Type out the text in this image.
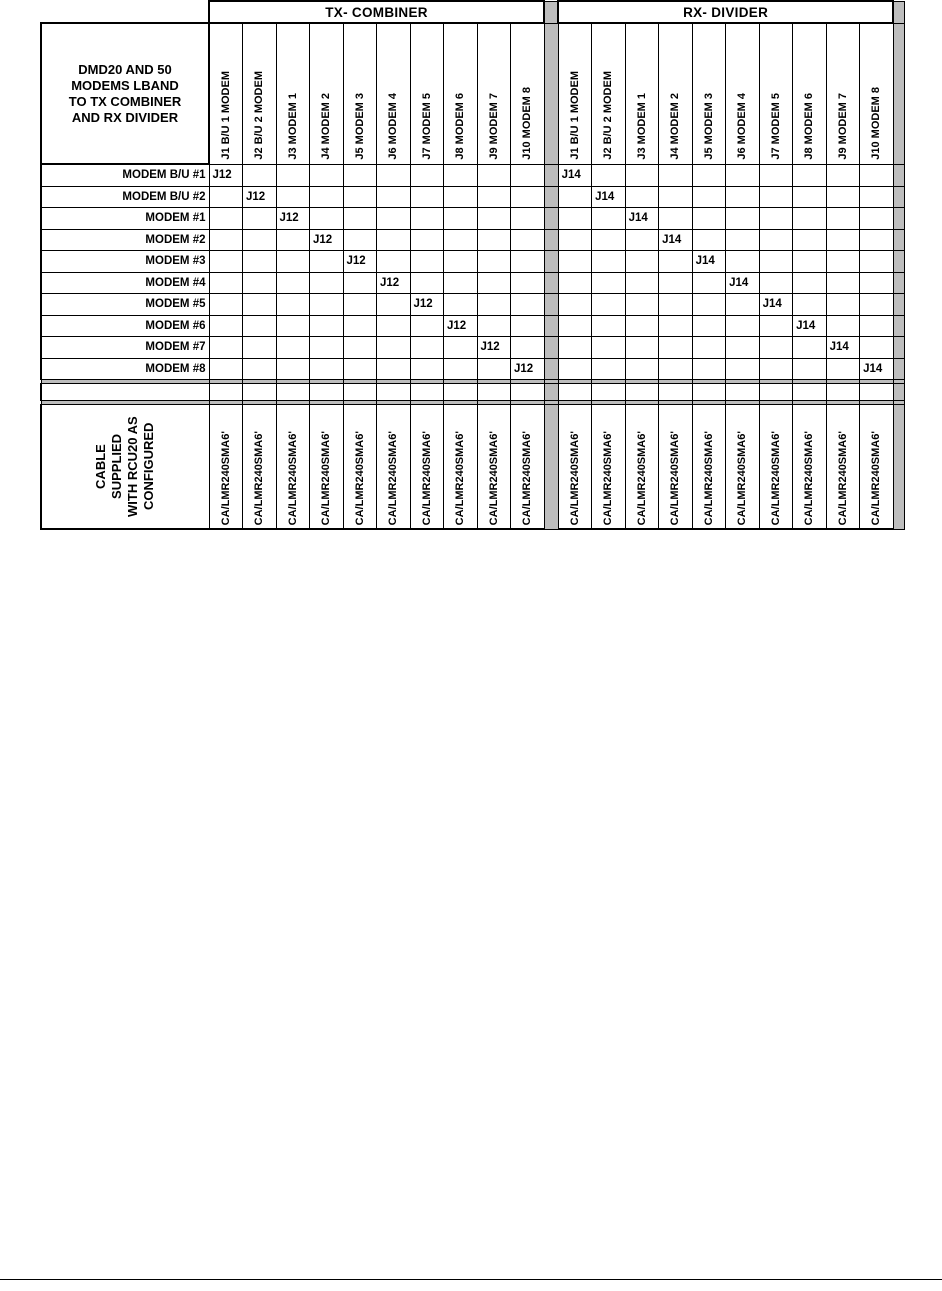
	TX- COMBINER											RX- DIVIDER										

DMD20 AND 50
MODEMS LBAND
TO TX COMBINER
AND RX DIVIDER	J1 B/U 1 MODEM	J2 B/U 2 MODEM	J3 MODEM 1	J4 MODEM 2	J5 MODEM 3	J6 MODEM 4	J7 MODEM 5	J8 MODEM 6	J9 MODEM 7	J10 MODEM 8		J1 B/U 1 MODEM	J2 B/U 2 MODEM	J3 MODEM 1	J4 MODEM 2	J5 MODEM 3	J6 MODEM 4	J7 MODEM 5	J8 MODEM 6	J9 MODEM 7	J10 MODEM 8	

MODEM B/U #1	J12											J14										
MODEM B/U #2		J12											J14									
MODEM #1			J12											J14								
MODEM #2				J12											J14							
MODEM #3					J12											J14						
MODEM #4						J12											J14					
MODEM #5							J12											J14				
MODEM #6								J12											J14			
MODEM #7									J12											J14		
MODEM #8										J12											J14	

CABLE
SUPPLIED
WITH RCU20 AS
CONFIGURED	CA/LMR240SMA6'	CA/LMR240SMA6'	CA/LMR240SMA6'	CA/LMR240SMA6'	CA/LMR240SMA6'	CA/LMR240SMA6'	CA/LMR240SMA6'	CA/LMR240SMA6'	CA/LMR240SMA6'	CA/LMR240SMA6'		CA/LMR240SMA6'	CA/LMR240SMA6'	CA/LMR240SMA6'	CA/LMR240SMA6'	CA/LMR240SMA6'	CA/LMR240SMA6'	CA/LMR240SMA6'	CA/LMR240SMA6'	CA/LMR240SMA6'	CA/LMR240SMA6'	
